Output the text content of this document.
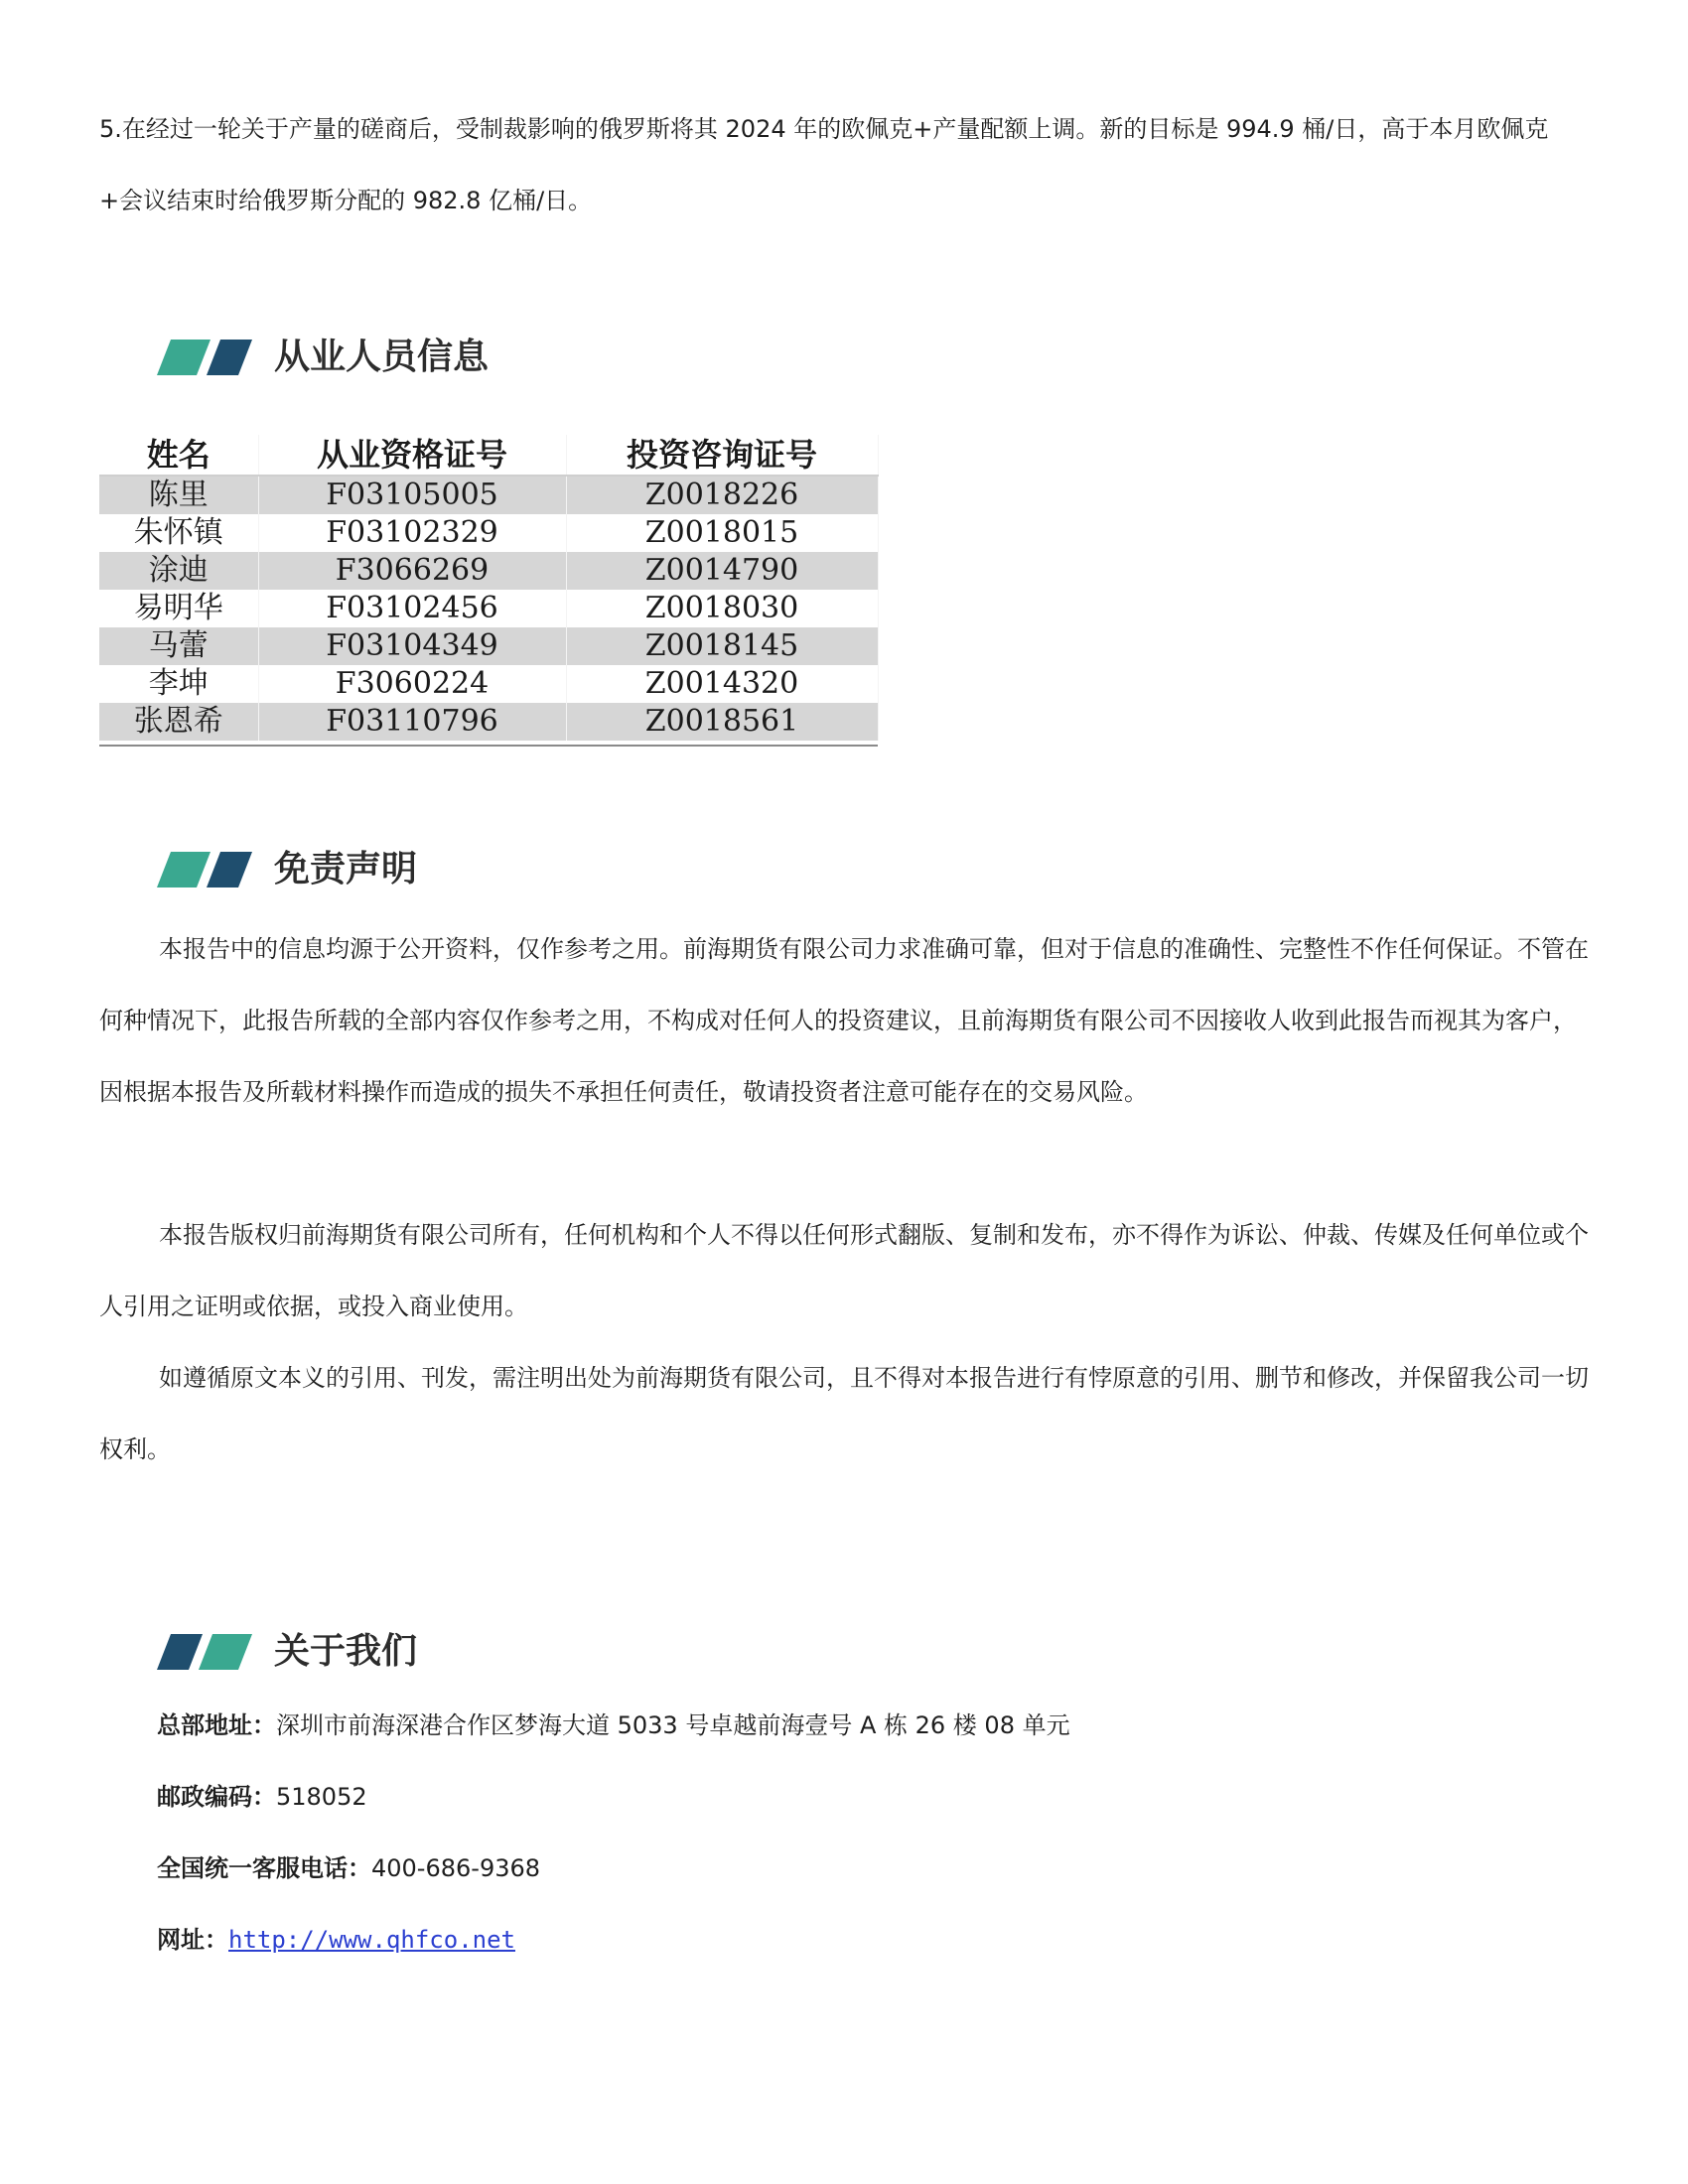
5.在经过一轮关于产量的磋商后，受制裁影响的俄罗斯将其 2024 年的欧佩克+产量配额上调。新的目标是 994.9 桶/日，高于本月欧佩克+会议结束时给俄罗斯分配的 982.8 亿桶/日。

从业人员信息
姓名	从业资格证号	投资咨询证号
陈里	F03105005	Z0018226
朱怀镇	F03102329	Z0018015
涂迪	F3066269	Z0014790
易明华	F03102456	Z0018030
马蕾	F03104349	Z0018145
李坤	F3060224	Z0014320
张恩希	F03110796	Z0018561
免责声明

本报告中的信息均源于公开资料，仅作参考之用。前海期货有限公司力求准确可靠，但对于信息的准确性、完整性不作任何保证。不管在何种情况下，此报告所载的全部内容仅作参考之用，不构成对任何人的投资建议，且前海期货有限公司不因接收人收到此报告而视其为客户，因根据本报告及所载材料操作而造成的损失不承担任何责任，敬请投资者注意可能存在的交易风险。

本报告版权归前海期货有限公司所有，任何机构和个人不得以任何形式翻版、复制和发布，亦不得作为诉讼、仲裁、传媒及任何单位或个人引用之证明或依据，或投入商业使用。

如遵循原文本义的引用、刊发，需注明出处为前海期货有限公司，且不得对本报告进行有悖原意的引用、删节和修改，并保留我公司一切权利。

关于我们
总部地址：深圳市前海深港合作区梦海大道 5033 号卓越前海壹号 A 栋 26 楼 08 单元
邮政编码：518052
全国统一客服电话：400-686-9368
网址：http://www.qhfco.net
